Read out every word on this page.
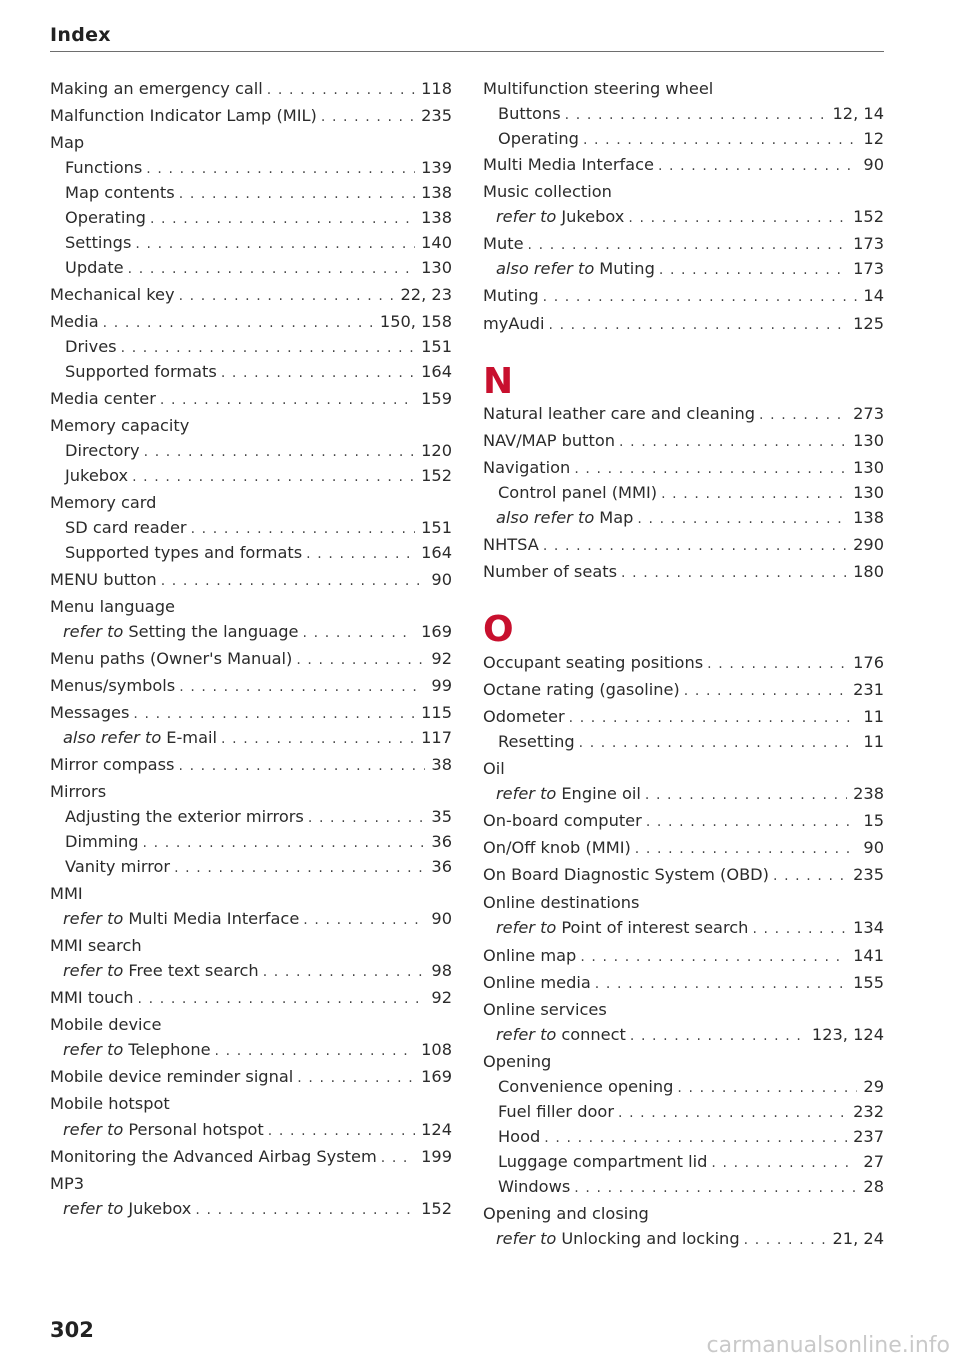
Index
Making an emergency call . . .	118
Malfunction Indicator Lamp (MIL) . . .	235
Map
Functions . . .	139
Map contents . . .	138
Operating . . .	138
Settings . . .	140
Update . . .	130
Mechanical key . . .	22, 23
Media . . .	150, 158
Drives . . .	151
Supported formats . . .	164
Media center . . .	159
Memory capacity
Directory . . .	120
Jukebox . . .	152
Memory card
SD card reader . . .	151
Supported types and formats . . .	164
MENU button . . .	90
Menu language
refer to Setting the language . . .	169
Menu paths (Owner's Manual) . . .	92
Menus/symbols . . .	99
Messages . . .	115
also refer to E-mail . . .	117
Mirror compass . . .	38
Mirrors
Adjusting the exterior mirrors . . .	35
Dimming . . .	36
Vanity mirror . . .	36
MMI
refer to Multi Media Interface . . .	90
MMI search
refer to Free text search . . .	98
MMI touch . . .	92
Mobile device
refer to Telephone . . .	108
Mobile device reminder signal . . .	169
Mobile hotspot
refer to Personal hotspot . . .	124
Monitoring the Advanced Airbag System . . .	199
MP3
refer to Jukebox . . .	152
Multifunction steering wheel
Buttons . . .	12, 14
Operating . . .	12
Multi Media Interface . . .	90
Music collection
refer to Jukebox . . .	152
Mute . . .	173
also refer to Muting . . .	173
Muting . . .	14
myAudi . . .	125
N
Natural leather care and cleaning . . .	273
NAV/MAP button . . .	130
Navigation . . .	130
Control panel (MMI) . . .	130
also refer to Map . . .	138
NHTSA . . .	290
Number of seats . . .	180
O
Occupant seating positions . . .	176
Octane rating (gasoline) . . .	231
Odometer . . .	11
Resetting . . .	11
Oil
refer to Engine oil . . .	238
On-board computer . . .	15
On/Off knob (MMI) . . .	90
On Board Diagnostic System (OBD) . . .	235
Online destinations
refer to Point of interest search . . .	134
Online map . . .	141
Online media . . .	155
Online services
refer to connect . . .	123, 124
Opening
Convenience opening . . .	29
Fuel filler door . . .	232
Hood . . .	237
Luggage compartment lid . . .	27
Windows . . .	28
Opening and closing
refer to Unlocking and locking . . .	21, 24
302
carmanualsonline.info
